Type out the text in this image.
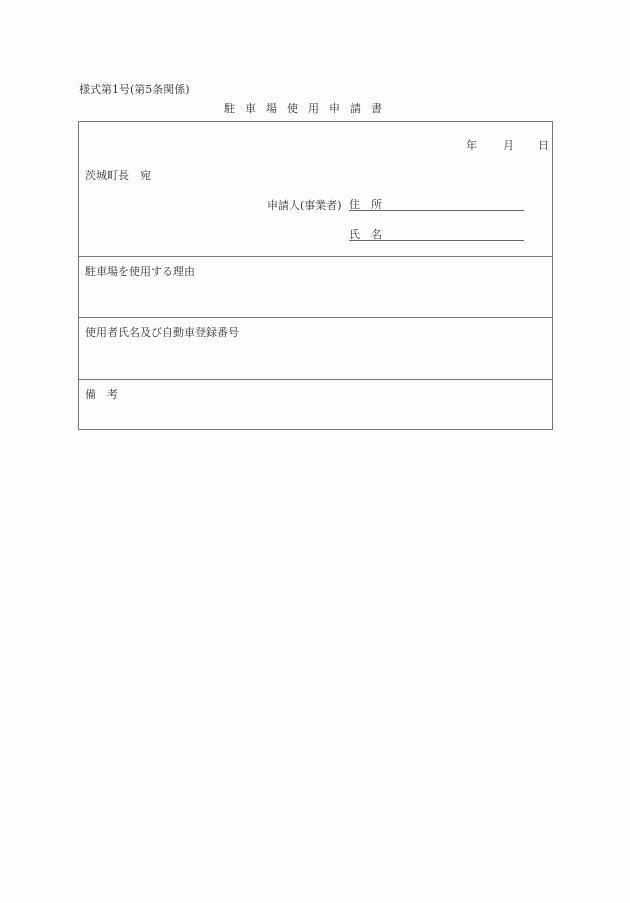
様式第1号(第5条関係)
駐車場使用申請書
年 月 日
茨城町長　宛
申請人(事業者) 住　所
氏　名
駐車場を使用する理由
使用者氏名及び自動車登録番号
備　考
